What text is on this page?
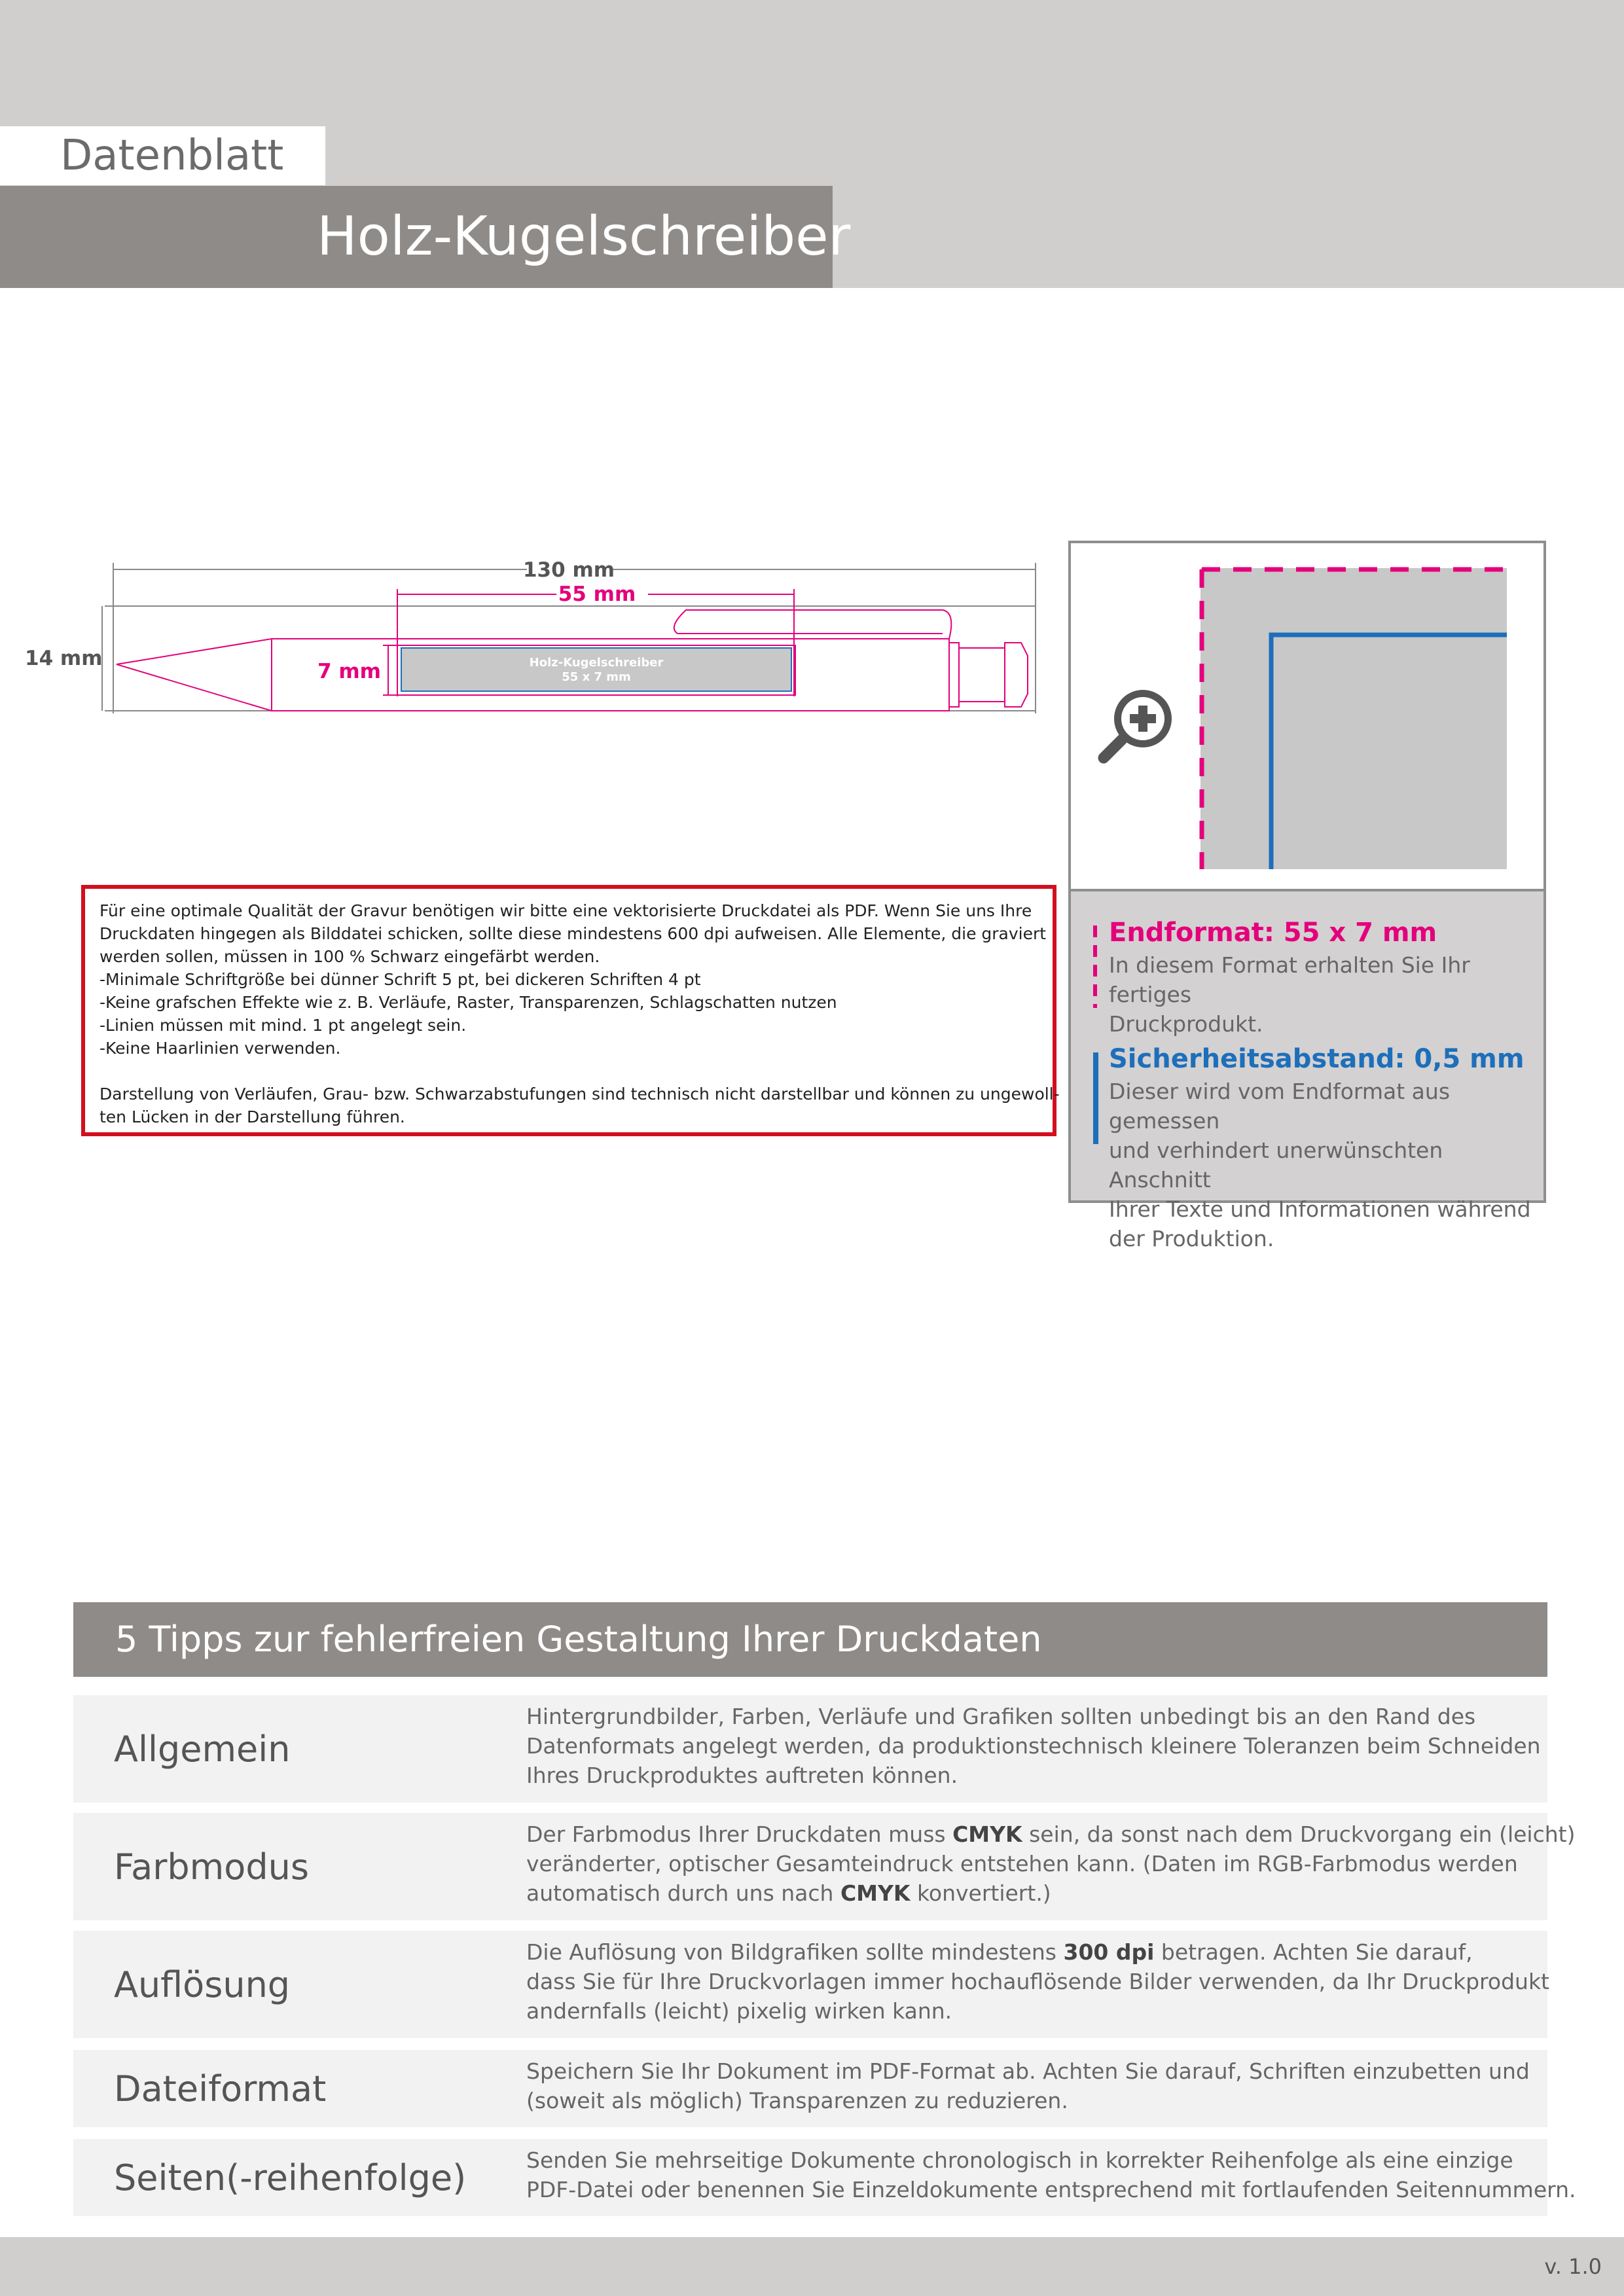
Datenblatt
Holz-Kugelschreiber
Holz-Kugelschreiber
55 x 7 mm
130 mm
55 mm
14 mm
7 mm
Endformat: 55 x 7 mm
In diesem Format erhalten Sie Ihr fertiges
Druckprodukt.
Sicherheitsabstand: 0,5 mm
Dieser wird vom Endformat aus gemessen
und verhindert unerwünschten Anschnitt
Ihrer Texte und Informationen während
der Produktion.
Für eine optimale Qualität der Gravur benötigen wir bitte eine vektorisierte Druckdatei als PDF. Wenn Sie uns Ihre
Druckdaten hingegen als Bilddatei schicken, sollte diese mindestens 600 dpi aufweisen. Alle Elemente, die graviert
werden sollen, müssen in 100 % Schwarz eingefärbt werden.
-Minimale Schriftgröße bei dünner Schrift 5 pt, bei dickeren Schriften 4 pt
-Keine grafschen Effekte wie z. B. Verläufe, Raster, Transparenzen, Schlagschatten nutzen
-Linien müssen mit mind. 1 pt angelegt sein.
-Keine Haarlinien verwenden.
Darstellung von Verläufen, Grau- bzw. Schwarzabstufungen sind technisch nicht darstellbar und können zu ungewoll-
ten Lücken in der Darstellung führen.
5 Tipps zur fehlerfreien Gestaltung Ihrer Druckdaten
Allgemein
Hintergrundbilder, Farben, Verläufe und Grafiken sollten unbedingt bis an den Rand des
Datenformats angelegt werden, da produktionstechnisch kleinere Toleranzen beim Schneiden
Ihres Druckproduktes auftreten können.
Farbmodus
Der Farbmodus Ihrer Druckdaten muss CMYK sein, da sonst nach dem Druckvorgang ein (leicht)
veränderter, optischer Gesamteindruck entstehen kann. (Daten im RGB-Farbmodus werden
automatisch durch uns nach CMYK konvertiert.)
Auflösung
Die Auflösung von Bildgrafiken sollte mindestens 300 dpi betragen. Achten Sie darauf,
dass Sie für Ihre Druckvorlagen immer hochauflösende Bilder verwenden, da Ihr Druckprodukt
andernfalls (leicht) pixelig wirken kann.
Dateiformat	Speichern Sie Ihr Dokument im PDF-Format ab. Achten Sie darauf, Schriften einzubetten und
(soweit als möglich) Transparenzen zu reduzieren.
Seiten(-reihenfolge)	Senden Sie mehrseitige Dokumente chronologisch in korrekter Reihenfolge als eine einzige
PDF-Datei oder benennen Sie Einzeldokumente entsprechend mit fortlaufenden Seitennummern.
v. 1.0
